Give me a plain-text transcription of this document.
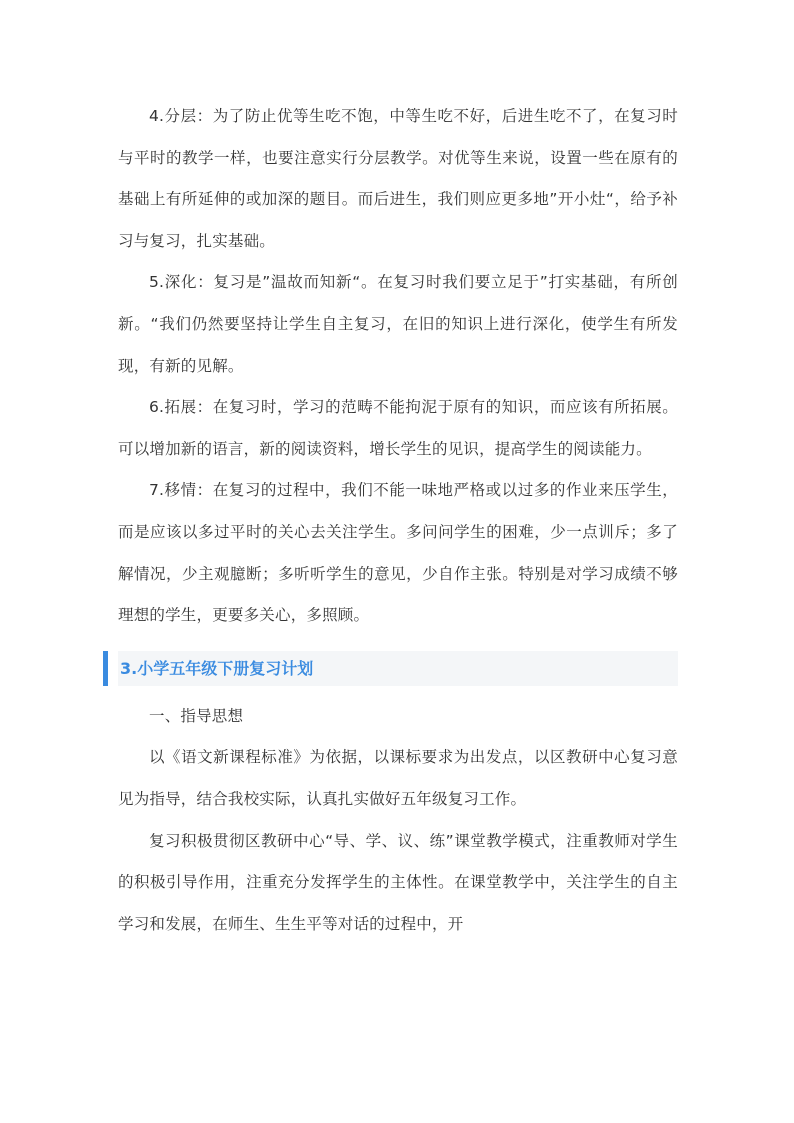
4.分层：为了防止优等生吃不饱，中等生吃不好，后进生吃不了，在复习时与平时的教学一样，也要注意实行分层教学。对优等生来说，设置一些在原有的基础上有所延伸的或加深的题目。而后进生，我们则应更多地”开小灶“，给予补习与复习，扎实基础。

5.深化：复习是”温故而知新“。在复习时我们要立足于”打实基础，有所创新。“我们仍然要坚持让学生自主复习，在旧的知识上进行深化，使学生有所发现，有新的见解。

6.拓展：在复习时，学习的范畴不能拘泥于原有的知识，而应该有所拓展。可以增加新的语言，新的阅读资料，增长学生的见识，提高学生的阅读能力。

7.移情：在复习的过程中，我们不能一味地严格或以过多的作业来压学生，而是应该以多过平时的关心去关注学生。多问问学生的困难，少一点训斥；多了解情况，少主观臆断；多听听学生的意见，少自作主张。特别是对学习成绩不够理想的学生，更要多关心，多照顾。

3.小学五年级下册复习计划

一、指导思想

以《语文新课程标准》为依据，以课标要求为出发点，以区教研中心复习意见为指导，结合我校实际，认真扎实做好五年级复习工作。

复习积极贯彻区教研中心“导、学、议、练”课堂教学模式，注重教师对学生的积极引导作用，注重充分发挥学生的主体性。在课堂教学中，关注学生的自主学习和发展，在师生、生生平等对话的过程中，开
